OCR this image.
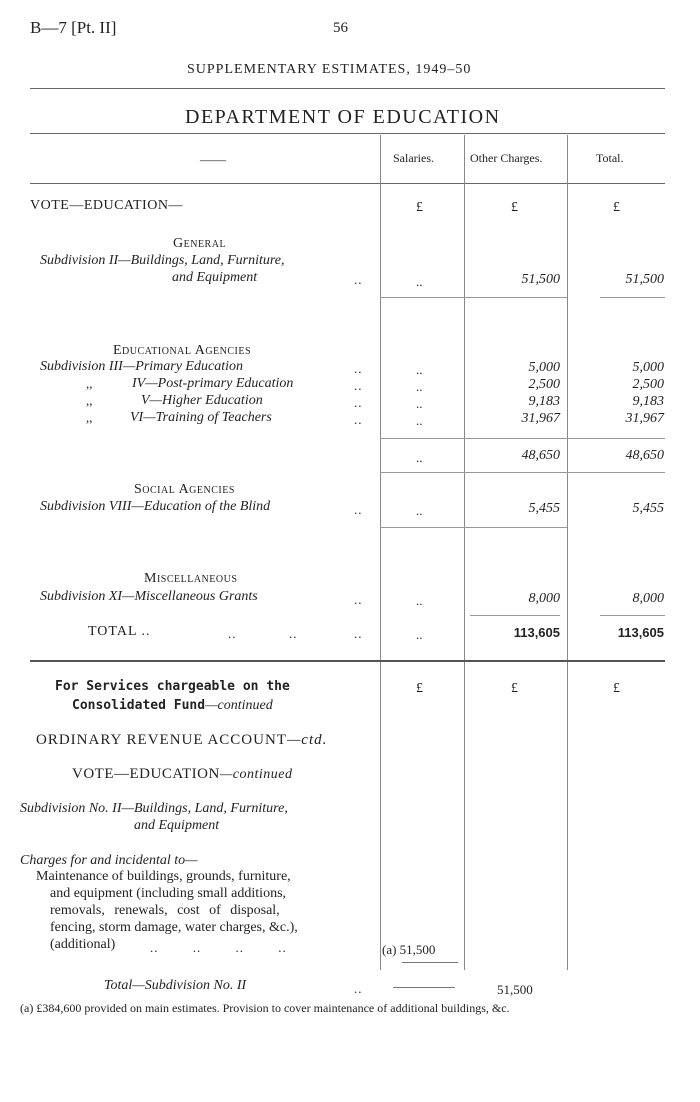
B—7 [Pt. II]	56
SUPPLEMENTARY ESTIMATES, 1949–50
DEPARTMENT OF EDUCATION
——	Salaries.	Other Charges.	Total.
VOTE—EDUCATION—	£	£	£
General
Subdivision II—Buildings, Land, Furniture,
and Equipment	..	..	51,500	51,500
Educational Agencies
Subdivision III—Primary Education	..	..	5,000	5,000
,,	IV—Post-primary Education	..	..	2,500	2,500
,,	V—Higher Education	..	..	9,183	9,183
,,	VI—Training of Teachers	..	..	31,967	31,967
..	48,650	48,650
Social Agencies
Subdivision VIII—Education of the Blind	..	..	5,455	5,455
Miscellaneous
Subdivision XI—Miscellaneous Grants	..	..	8,000	8,000
TOTAL ..	..	..	..	..	113,605	113,605
For Services chargeable on the
Consolidated Fund—continued
£	£	£
ORDINARY REVENUE ACCOUNT—ctd.
VOTE—EDUCATION—continued
Subdivision No. II—Buildings, Land, Furniture,
and Equipment
Charges for and incidental to—
Maintenance of buildings, grounds, furniture,
and equipment (including small additions,
removals, renewals, cost of disposal,
fencing, storm damage, water charges, &c.),
(additional)	.. .. .. ..	(a) 51,500
Total—Subdivision No. II	..	51,500
(a) £384,600 provided on main estimates. Provision to cover maintenance of additional buildings, &c.
